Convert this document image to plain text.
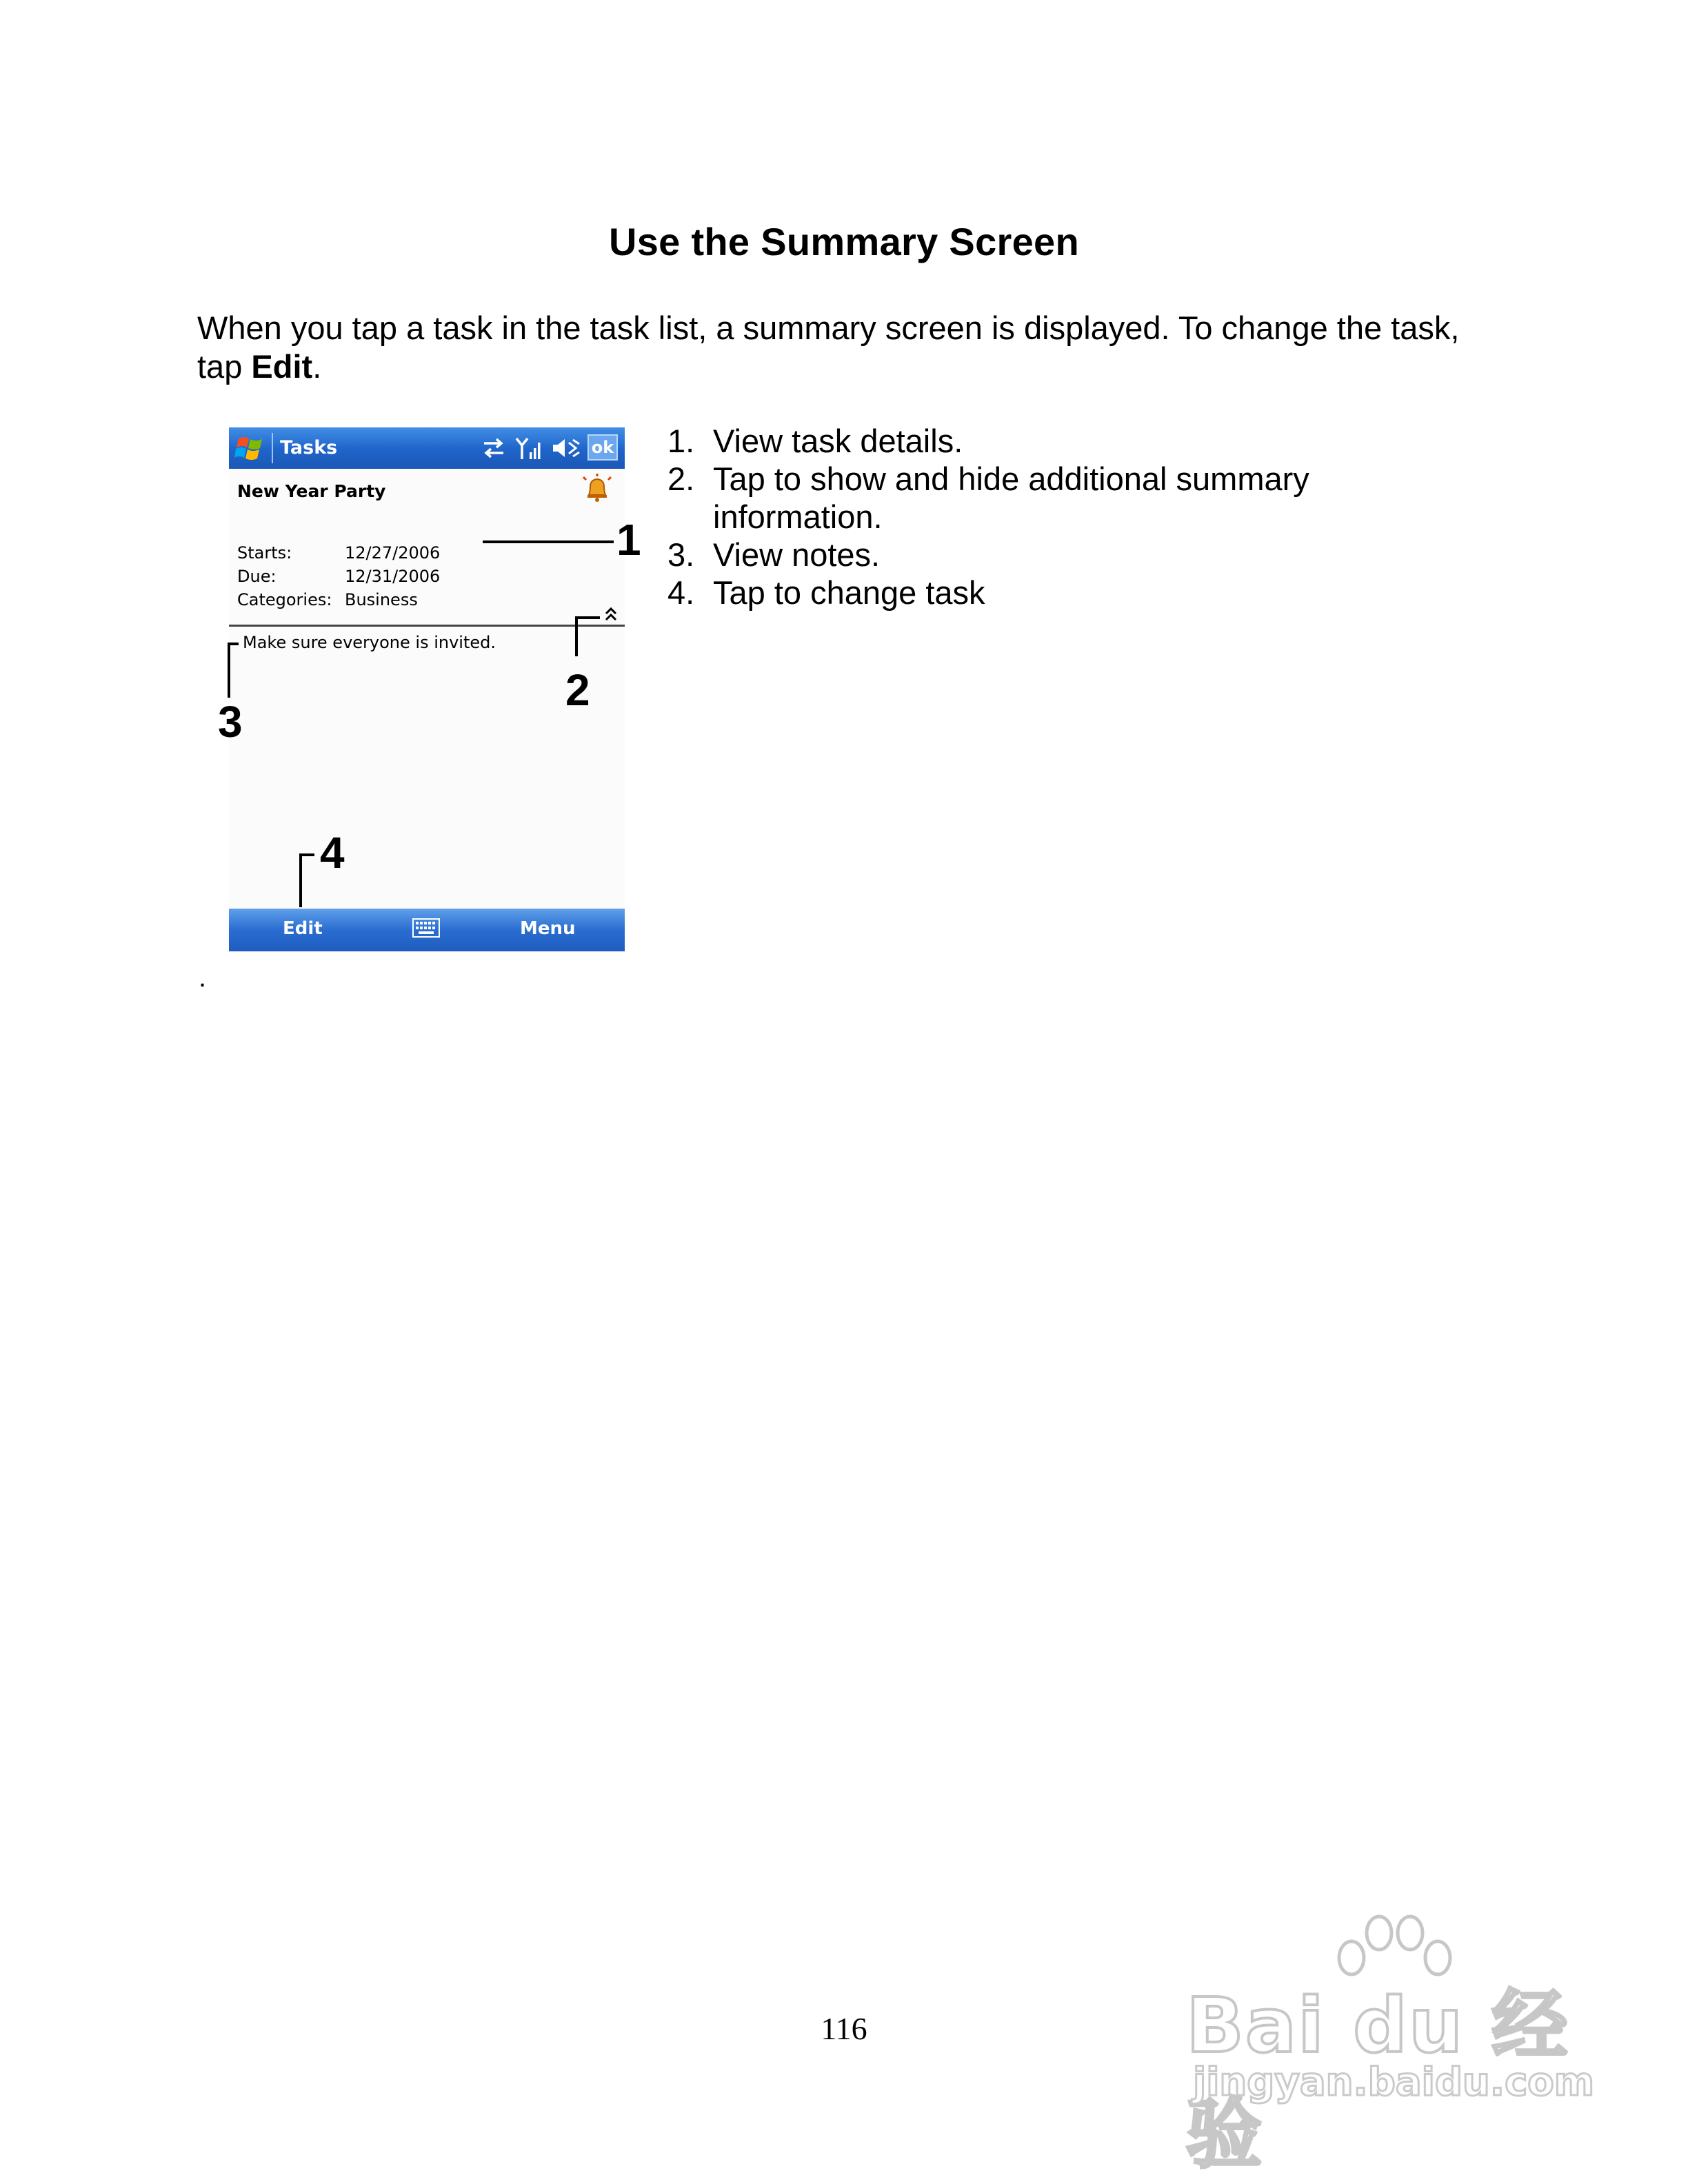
Use the Summary Screen
When you tap a task in the task list, a summary screen is displayed. To change the task, tap Edit.
Tasks	ok
New Year Party
Starts:	12/27/2006
Due:	12/31/2006
Categories: Business
Make sure everyone is invited.
Edit	Menu
1
2
3
4
1. View task details.
2. Tap to show and hide additional summary information.
3. View notes.
4. Tap to change task
.
116	Bai du 经验
jingyan.baidu.com
